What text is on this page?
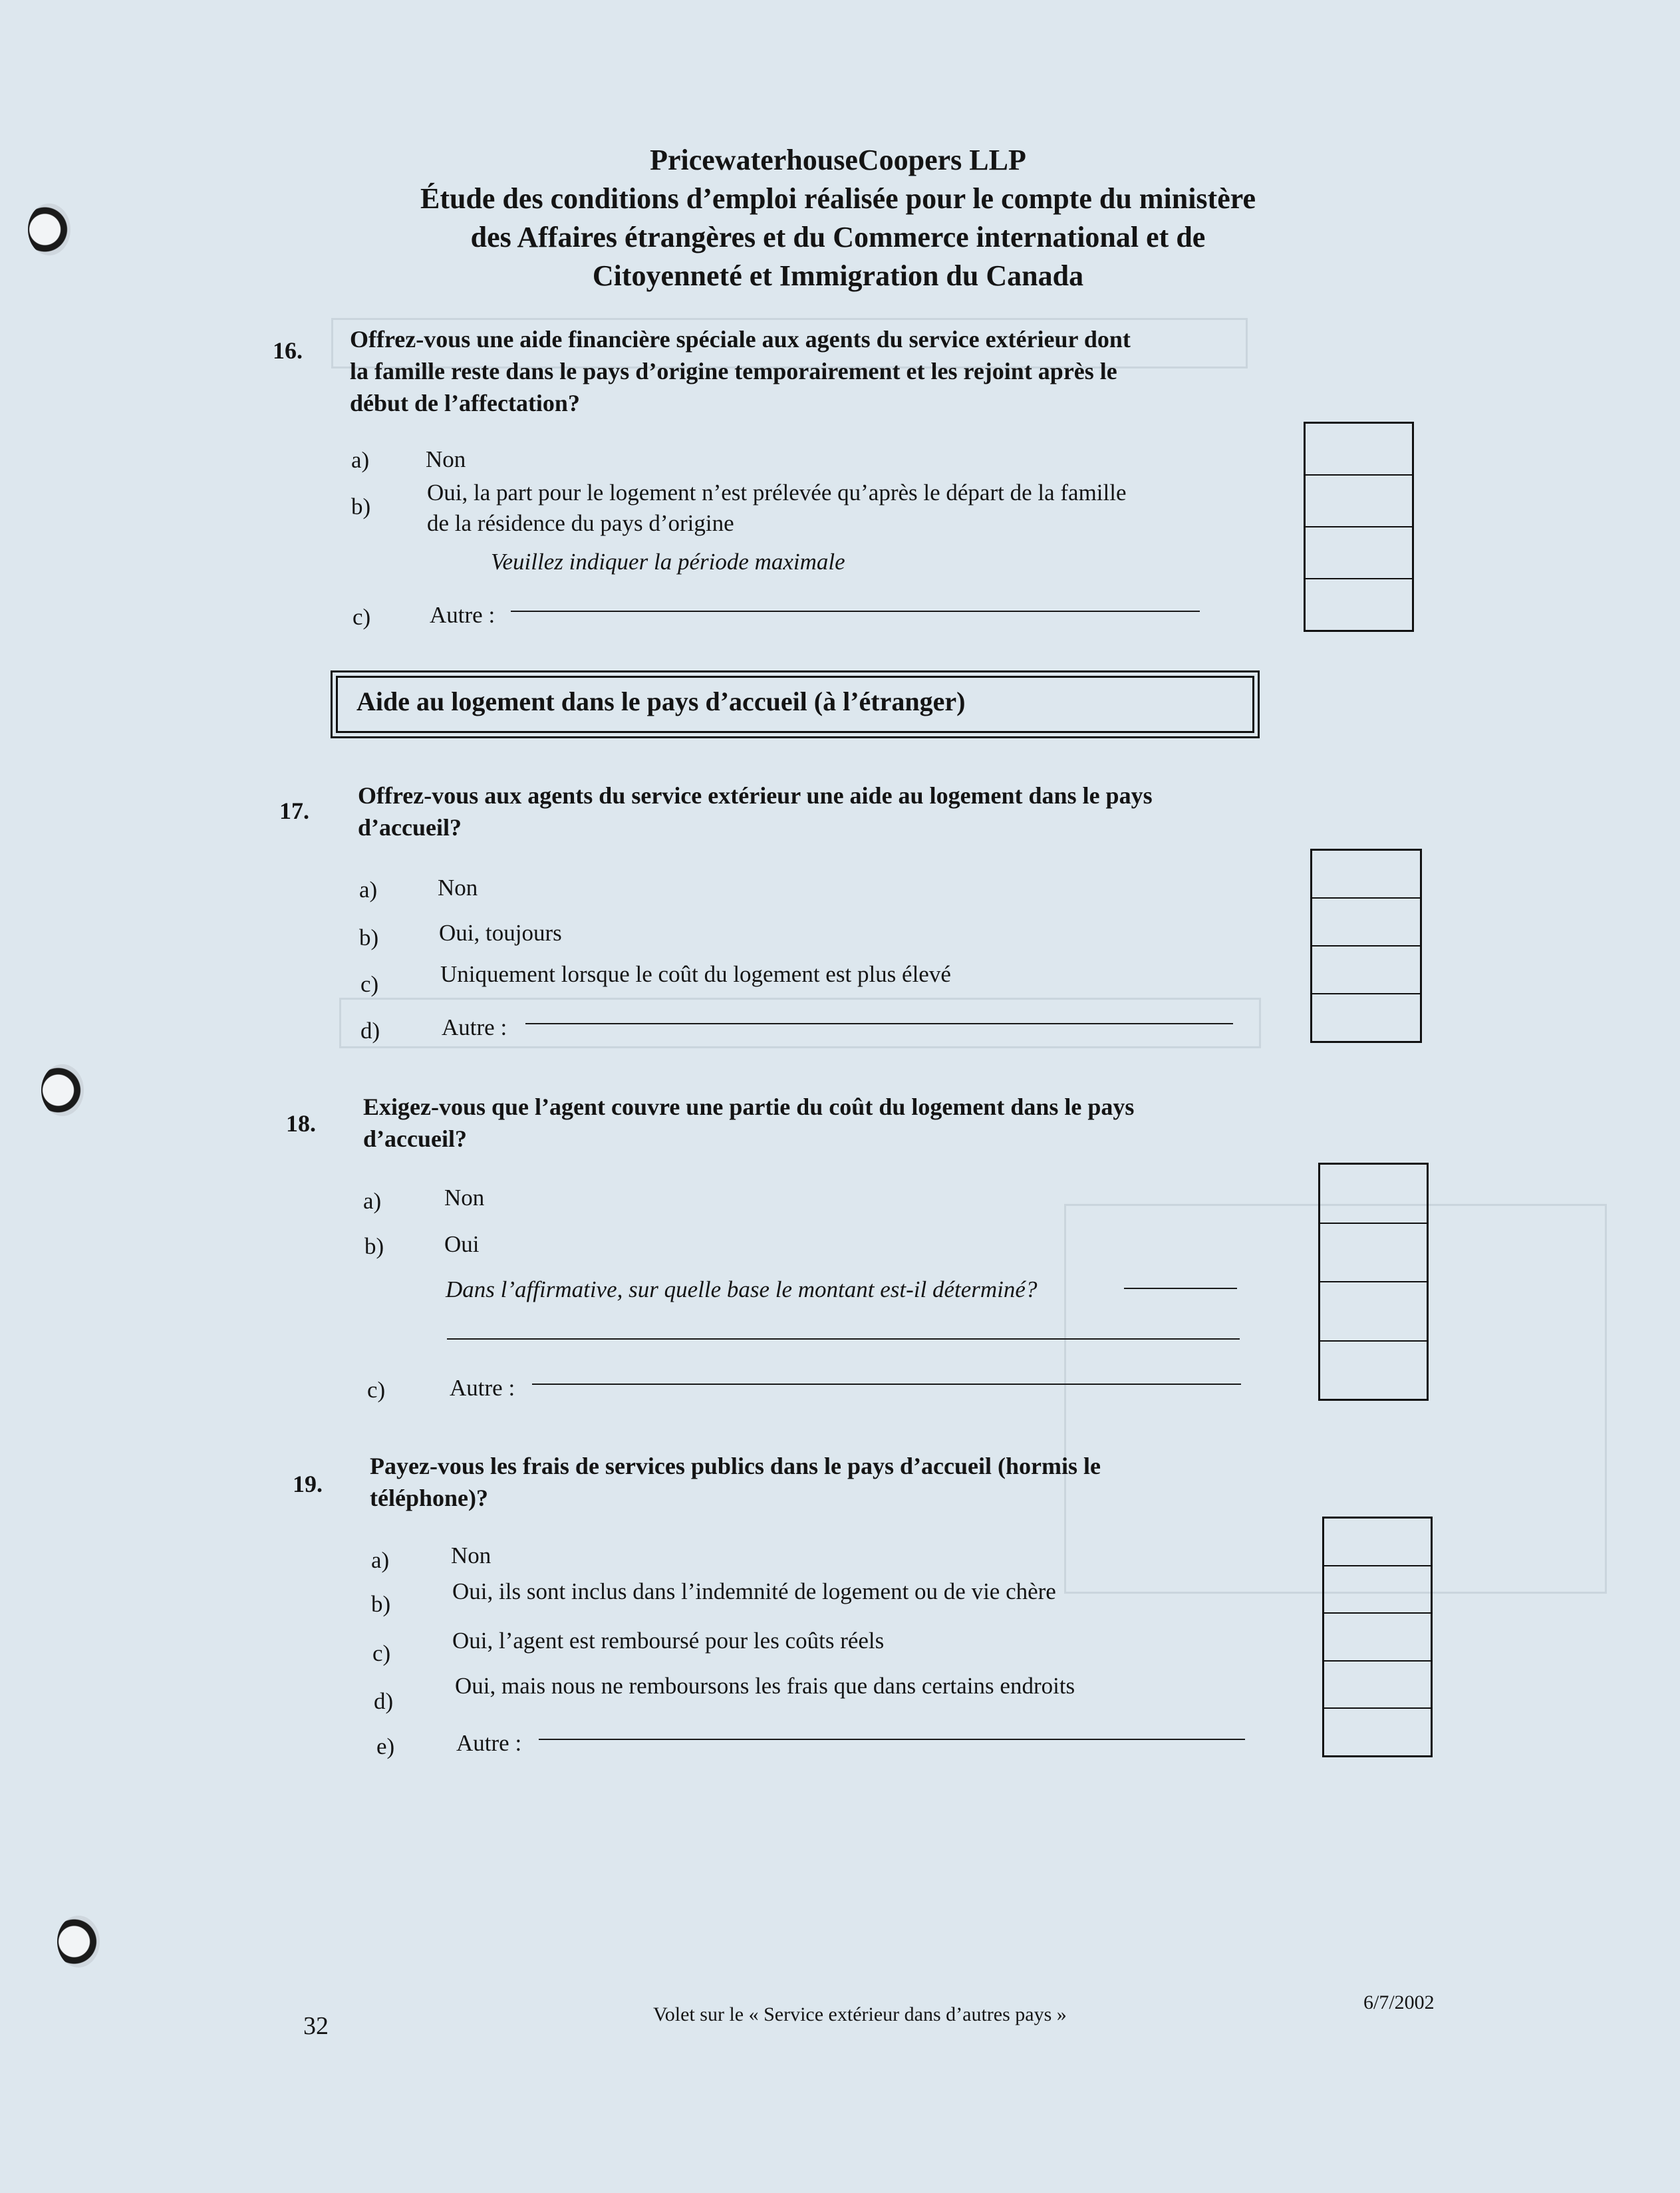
PricewaterhouseCoopers LLP
Étude des conditions d’emploi réalisée pour le compte du ministère
des Affaires étrangères et du Commerce international et de
Citoyenneté et Immigration du Canada
16. Offrez-vous une aide financière spéciale aux agents du service extérieur dont
la famille reste dans le pays d’origine temporairement et les rejoint après le
début de l’affectation?
a) Non
b)
Oui, la part pour le logement n’est prélevée qu’après le départ de la famille
de la résidence du pays d’origine
Veuillez indiquer la période maximale
c)	Autre :
Aide au logement dans le pays d’accueil (à l’étranger)
17.
Offrez-vous aux agents du service extérieur une aide au logement dans le pays
d’accueil?
a)	Non
b)	Oui, toujours
c)	Uniquement lorsque le coût du logement est plus élevé
d)	Autre :
18.
Exigez-vous que l’agent couvre une partie du coût du logement dans le pays
d’accueil?
a)	Non
b)	Oui
Dans l’affirmative, sur quelle base le montant est-il déterminé?
c)	Autre :
19.
Payez-vous les frais de services publics dans le pays d’accueil (hormis le
téléphone)?
a)	Non
b)	Oui, ils sont inclus dans l’indemnité de logement ou de vie chère
c)	Oui, l’agent est remboursé pour les coûts réels
d)
Oui, mais nous ne remboursons les frais que dans certains endroits
e)	Autre :
32	Volet sur le « Service extérieur dans d’autres pays »
6/7/2002
